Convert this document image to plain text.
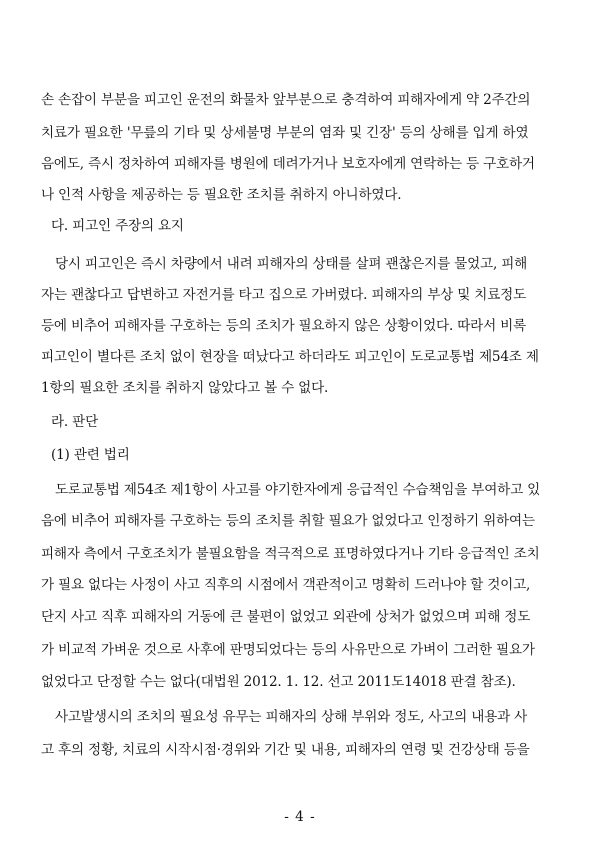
손 손잡이 부분을 피고인 운전의 화물차 앞부분으로 충격하여 피해자에게 약 2주간의
치료가 필요한 '무릎의 기타 및 상세불명 부분의 염좌 및 긴장' 등의 상해를 입게 하였
음에도, 즉시 정차하여 피해자를 병원에 데려가거나 보호자에게 연락하는 등 구호하거
나 인적 사항을 제공하는 등 필요한 조치를 취하지 아니하였다.
다. 피고인 주장의 요지
당시 피고인은 즉시 차량에서 내려 피해자의 상태를 살펴 괜찮은지를 물었고, 피해
자는 괜찮다고 답변하고 자전거를 타고 집으로 가버렸다. 피해자의 부상 및 치료정도
등에 비추어 피해자를 구호하는 등의 조치가 필요하지 않은 상황이었다. 따라서 비록
피고인이 별다른 조치 없이 현장을 떠났다고 하더라도 피고인이 도로교통법 제54조 제
1항의 필요한 조치를 취하지 않았다고 볼 수 없다.
라. 판단
(1) 관련 법리
도로교통법 제54조 제1항이 사고를 야기한자에게 응급적인 수습책임을 부여하고 있
음에 비추어 피해자를 구호하는 등의 조치를 취할 필요가 없었다고 인정하기 위하여는
피해자 측에서 구호조치가 불필요함을 적극적으로 표명하였다거나 기타 응급적인 조치
가 필요 없다는 사정이 사고 직후의 시점에서 객관적이고 명확히 드러나야 할 것이고,
단지 사고 직후 피해자의 거동에 큰 불편이 없었고 외관에 상처가 없었으며 피해 정도
가 비교적 가벼운 것으로 사후에 판명되었다는 등의 사유만으로 가벼이 그러한 필요가
없었다고 단정할 수는 없다(대법원 2012. 1. 12. 선고 2011도14018 판결 참조).
사고발생시의 조치의 필요성 유무는 피해자의 상해 부위와 정도, 사고의 내용과 사
고 후의 정황, 치료의 시작시점·경위와 기간 및 내용, 피해자의 연령 및 건강상태 등을
- 4 -
